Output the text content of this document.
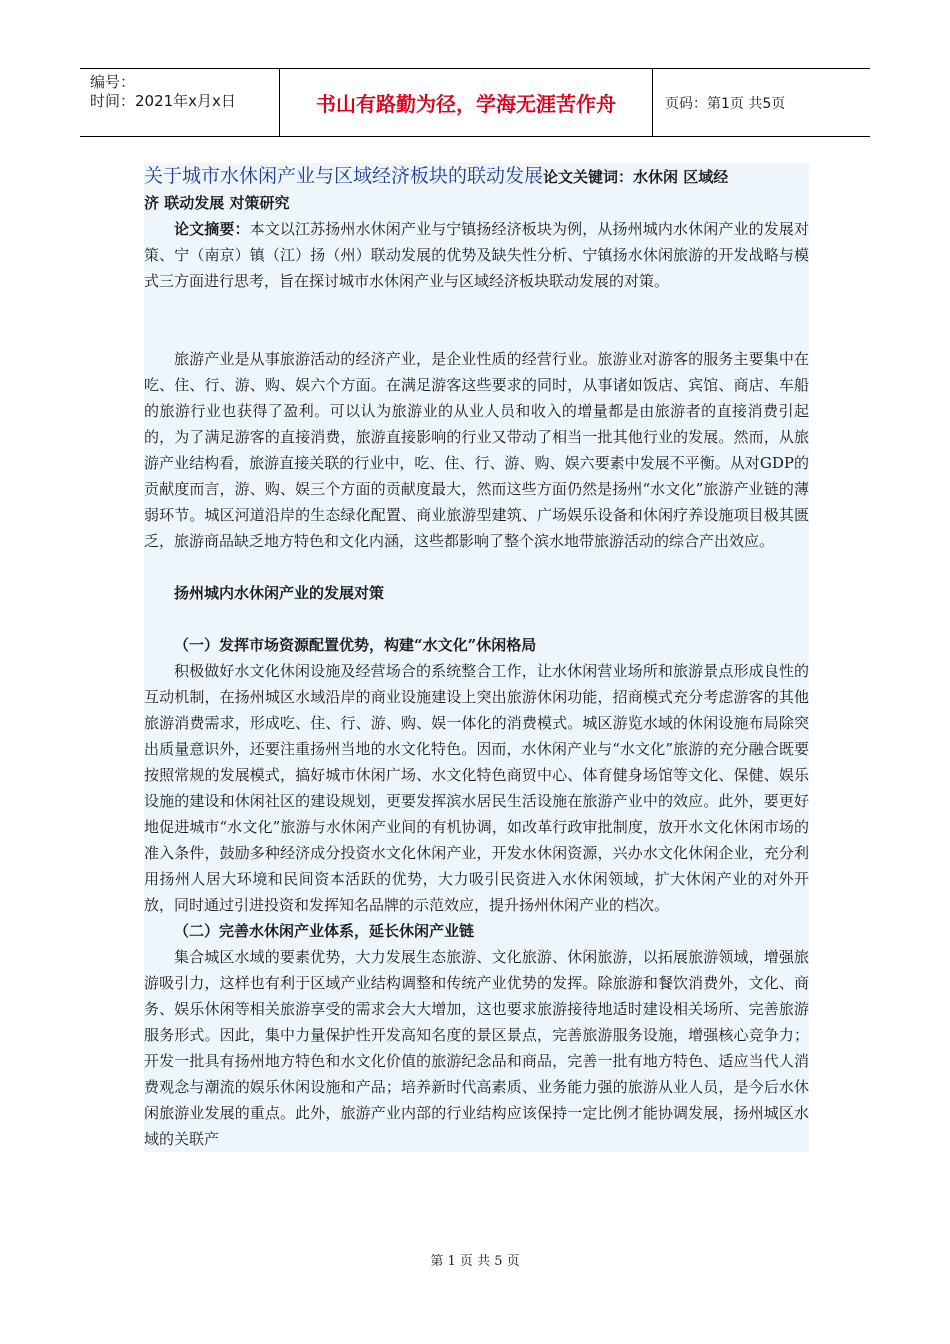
编号：
时间：2021年x月x日	书山有路勤为径，学海无涯苦作舟	页码：第1页 共5页
关于城市水休闲产业与区域经济板块的联动发展论文关键词：水休闲 区域经
济 联动发展 对策研究

论文摘要：本文以江苏扬州水休闲产业与宁镇扬经济板块为例，从扬州城内水休闲产业的发展对策、宁（南京）镇（江）扬（州）联动发展的优势及缺失性分析、宁镇扬水休闲旅游的开发战略与模式三方面进行思考，旨在探讨城市水休闲产业与区域经济板块联动发展的对策。

旅游产业是从事旅游活动的经济产业，是企业性质的经营行业。旅游业对游客的服务主要集中在吃、住、行、游、购、娱六个方面。在满足游客这些要求的同时，从事诸如饭店、宾馆、商店、车船的旅游行业也获得了盈利。可以认为旅游业的从业人员和收入的增量都是由旅游者的直接消费引起的，为了满足游客的直接消费，旅游直接影响的行业又带动了相当一批其他行业的发展。然而，从旅游产业结构看，旅游直接关联的行业中，吃、住、行、游、购、娱六要素中发展不平衡。从对GDP的贡献度而言，游、购、娱三个方面的贡献度最大，然而这些方面仍然是扬州“水文化”旅游产业链的薄弱环节。城区河道沿岸的生态绿化配置、商业旅游型建筑、广场娱乐设备和休闲疗养设施项目极其匮乏，旅游商品缺乏地方特色和文化内涵，这些都影响了整个滨水地带旅游活动的综合产出效应。

扬州城内水休闲产业的发展对策

（一）发挥市场资源配置优势，构建“水文化”休闲格局

积极做好水文化休闲设施及经营场合的系统整合工作，让水休闲营业场所和旅游景点形成良性的互动机制，在扬州城区水域沿岸的商业设施建设上突出旅游休闲功能，招商模式充分考虑游客的其他旅游消费需求，形成吃、住、行、游、购、娱一体化的消费模式。城区游览水域的休闲设施布局除突出质量意识外，还要注重扬州当地的水文化特色。因而，水休闲产业与“水文化”旅游的充分融合既要按照常规的发展模式，搞好城市休闲广场、水文化特色商贸中心、体育健身场馆等文化、保健、娱乐设施的建设和休闲社区的建设规划，更要发挥滨水居民生活设施在旅游产业中的效应。此外，要更好地促进城市“水文化”旅游与水休闲产业间的有机协调，如改革行政审批制度，放开水文化休闲市场的准入条件，鼓励多种经济成分投资水文化休闲产业，开发水休闲资源，兴办水文化休闲企业，充分利用扬州人居大环境和民间资本活跃的优势，大力吸引民资进入水休闲领域，扩大休闲产业的对外开放，同时通过引进投资和发挥知名品牌的示范效应，提升扬州休闲产业的档次。

（二）完善水休闲产业体系，延长休闲产业链

集合城区水域的要素优势，大力发展生态旅游、文化旅游、休闲旅游，以拓展旅游领域，增强旅游吸引力，这样也有利于区域产业结构调整和传统产业优势的发挥。除旅游和餐饮消费外，文化、商务、娱乐休闲等相关旅游享受的需求会大大增加，这也要求旅游接待地适时建设相关场所、完善旅游服务形式。因此，集中力量保护性开发高知名度的景区景点，完善旅游服务设施，增强核心竞争力；开发一批具有扬州地方特色和水文化价值的旅游纪念品和商品，完善一批有地方特色、适应当代人消费观念与潮流的娱乐休闲设施和产品；培养新时代高素质、业务能力强的旅游从业人员，是今后水休闲旅游业发展的重点。此外，旅游产业内部的行业结构应该保持一定比例才能协调发展，扬州城区水域的关联产

第 1 页 共 5 页
